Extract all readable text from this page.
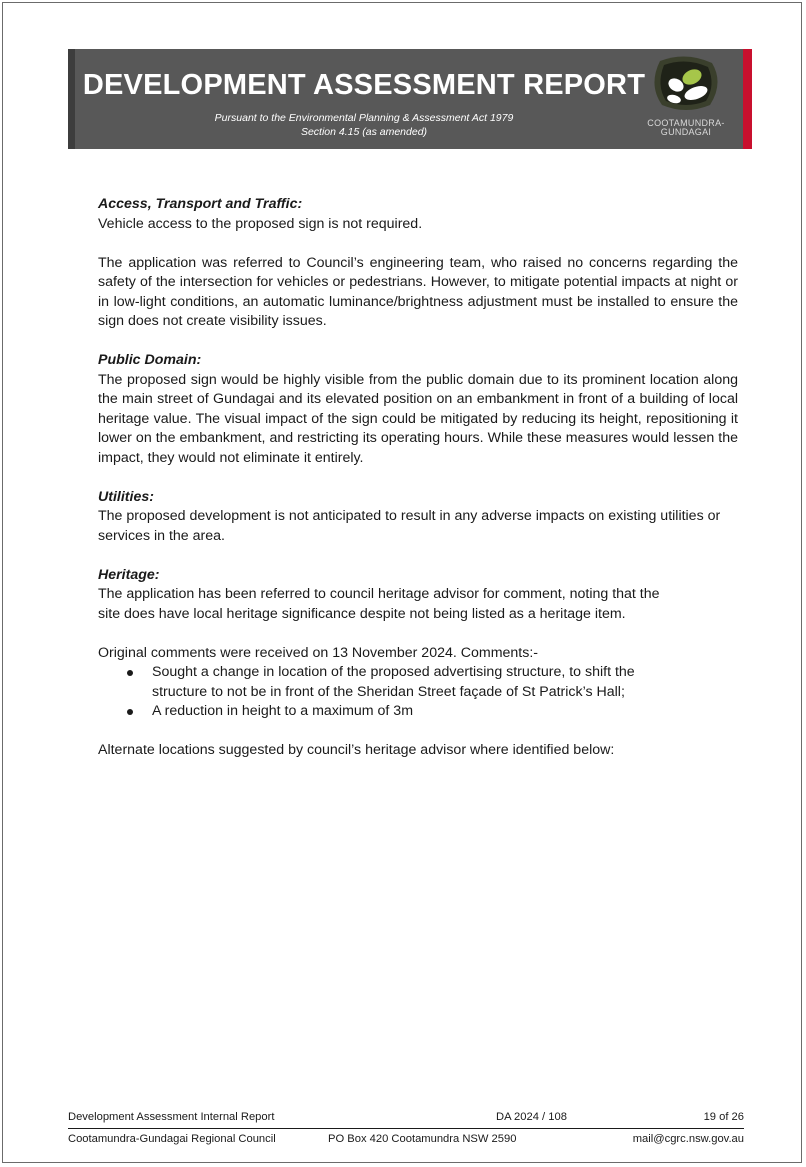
DEVELOPMENT ASSESSMENT REPORT
Pursuant to the Environmental Planning & Assessment Act 1979
Section 4.15 (as amended)
COOTAMUNDRA-
GUNDAGAI
Access, Transport and Traffic:

Vehicle access to the proposed sign is not required.

The application was referred to Council’s engineering team, who raised no concerns regarding the safety of the intersection for vehicles or pedestrians. However, to mitigate potential impacts at night or in low-light conditions, an automatic luminance/brightness adjustment must be installed to ensure the sign does not create visibility issues.

Public Domain:

The proposed sign would be highly visible from the public domain due to its prominent location along the main street of Gundagai and its elevated position on an embankment in front of a building of local heritage value. The visual impact of the sign could be mitigated by reducing its height, repositioning it lower on the embankment, and restricting its operating hours. While these measures would lessen the impact, they would not eliminate it entirely.

Utilities:

The proposed development is not anticipated to result in any adverse impacts on existing utilities or services in the area.

Heritage:

The application has been referred to council heritage advisor for comment, noting that the
site does have local heritage significance despite not being listed as a heritage item.

Original comments were received on 13 November 2024. Comments:-

Sought a change in location of the proposed advertising structure, to shift the
structure to not be in front of the Sheridan Street façade of St Patrick’s Hall;
A reduction in height to a maximum of 3m

Alternate locations suggested by council’s heritage advisor where identified below:

Development Assessment Internal Report	DA 2024 / 108	19 of 26
Cootamundra-Gundagai Regional Council	PO Box 420 Cootamundra NSW 2590	mail@cgrc.nsw.gov.au
